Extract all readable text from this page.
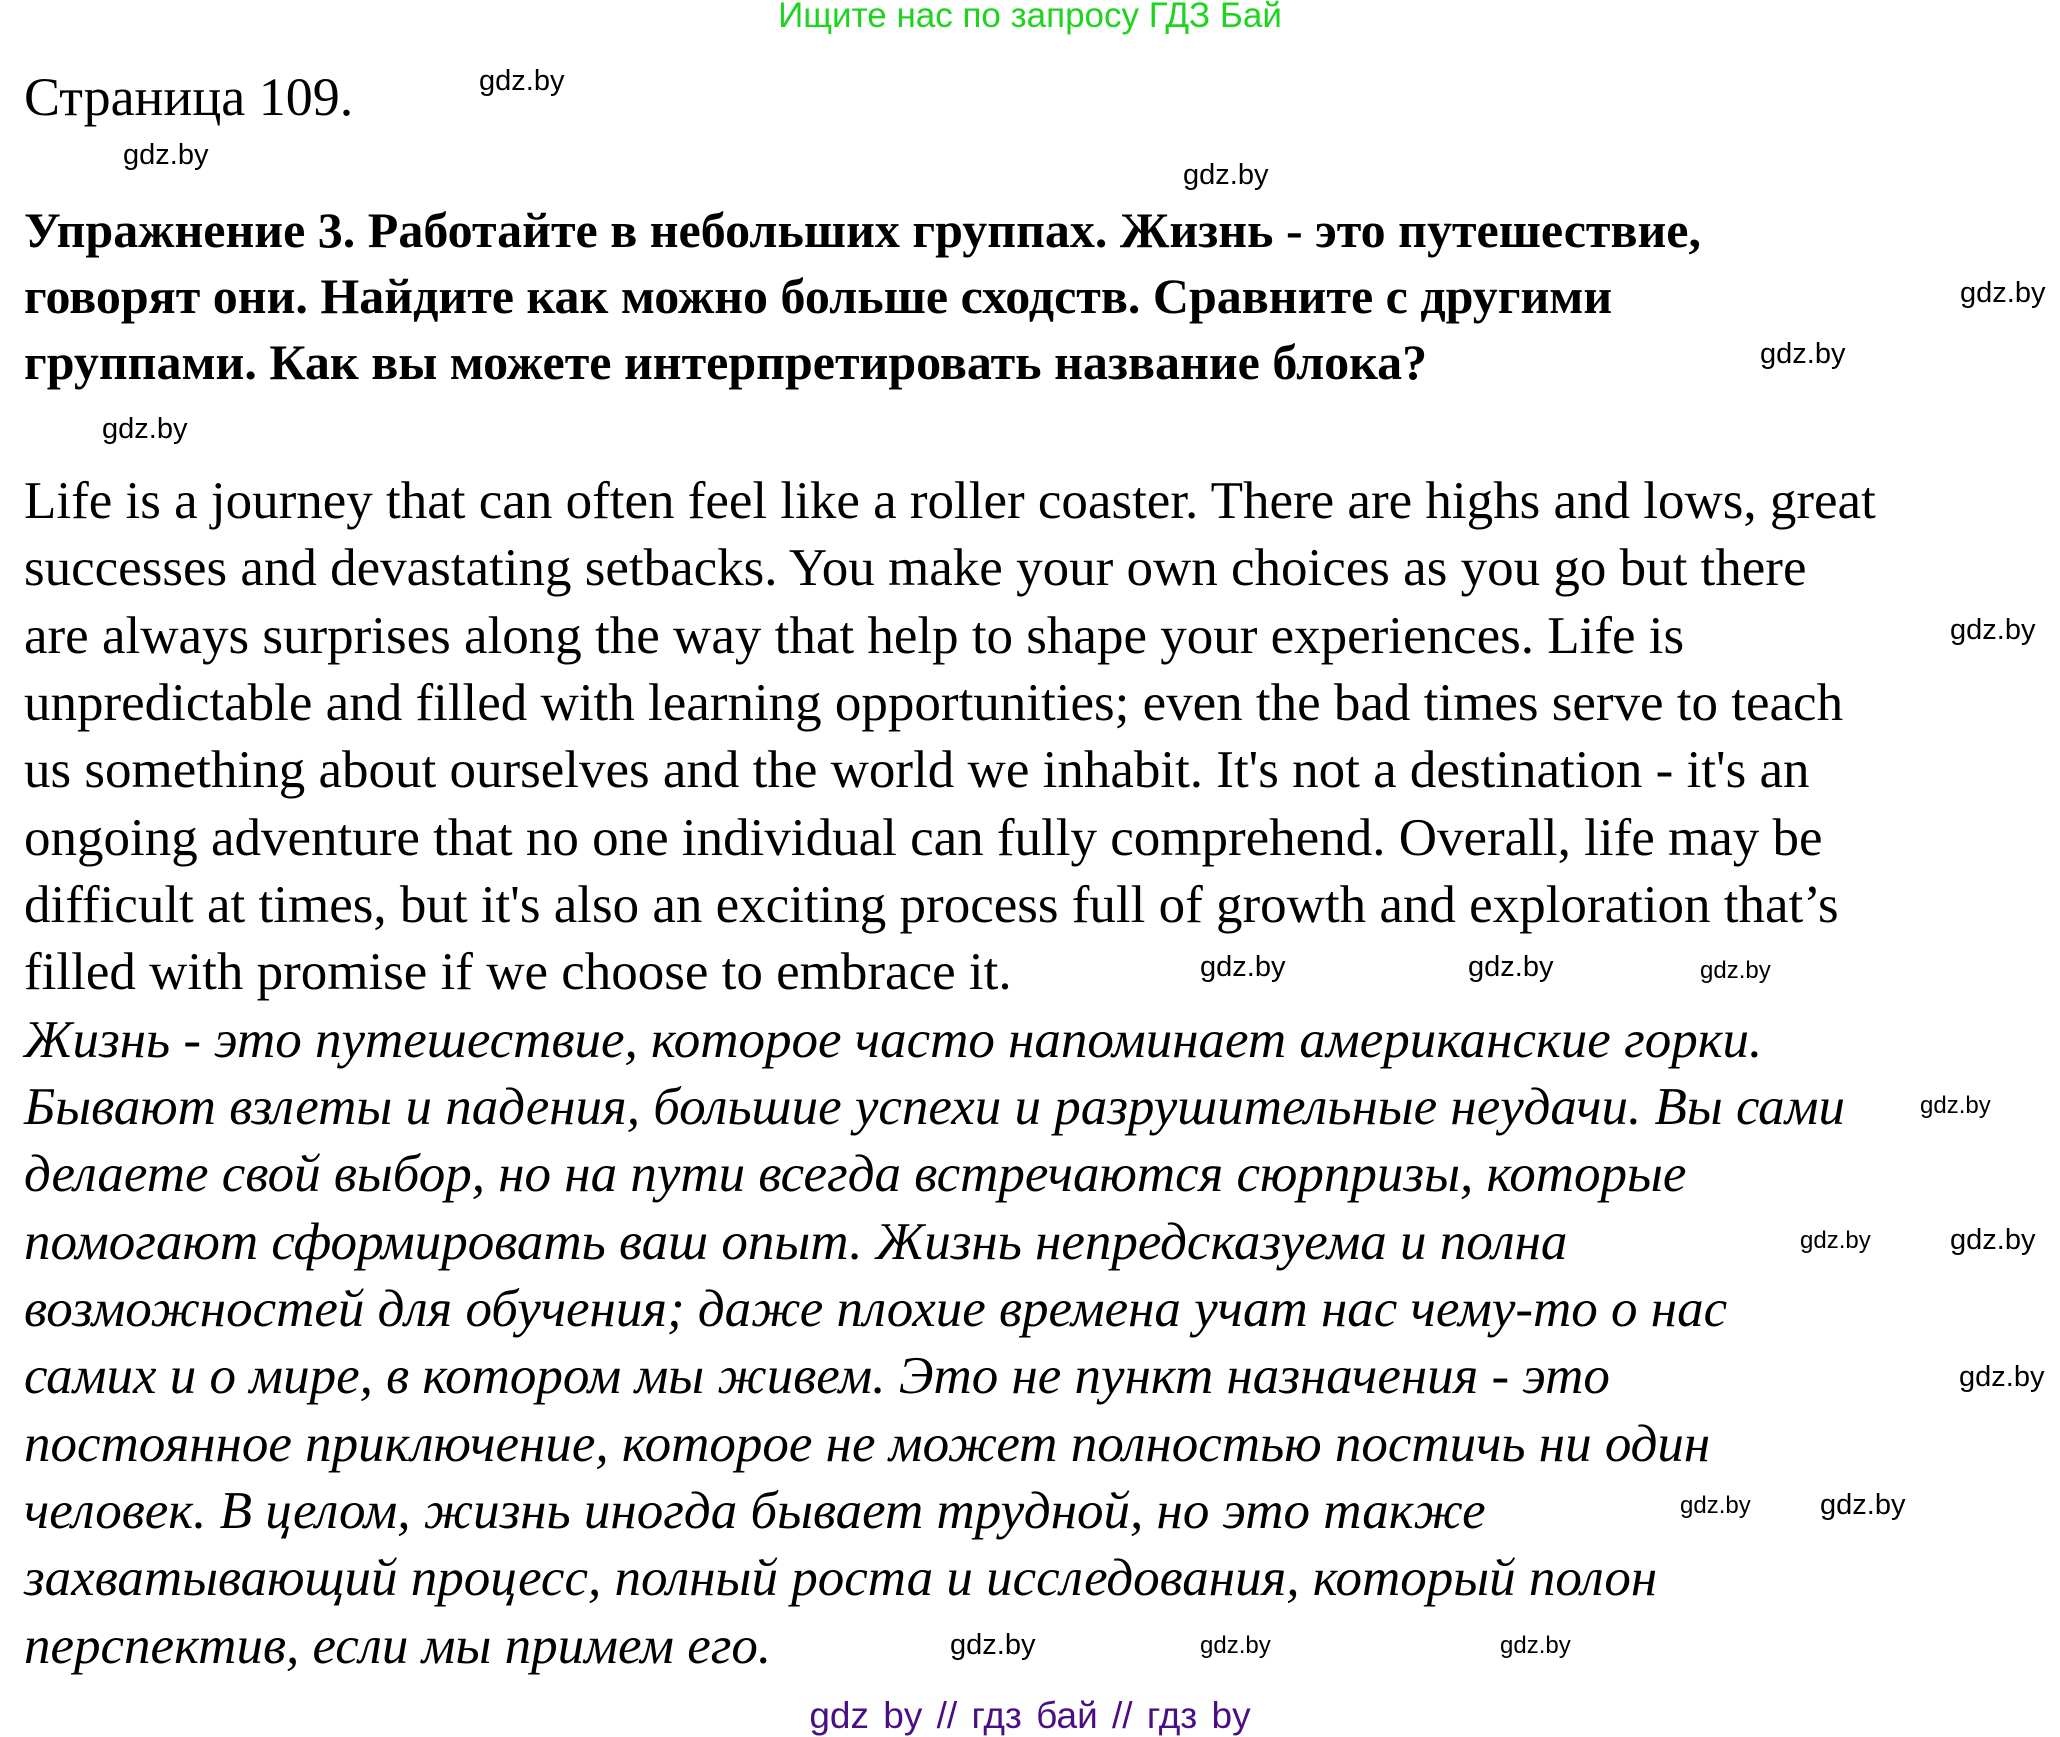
Ищите нас по запросу ГДЗ Бай
Страница 109.
Упражнение 3. Работайте в небольших группах. Жизнь - это путешествие,
говорят они. Найдите как можно больше сходств. Сравните с другими
группами. Как вы можете интерпретировать название блока?
Life is a journey that can often feel like a roller coaster. There are highs and lows, great
successes and devastating setbacks. You make your own choices as you go but there
are always surprises along the way that help to shape your experiences. Life is
unpredictable and filled with learning opportunities; even the bad times serve to teach
us something about ourselves and the world we inhabit. It's not a destination - it's an
ongoing adventure that no one individual can fully comprehend. Overall, life may be
difficult at times, but it's also an exciting process full of growth and exploration that’s
filled with promise if we choose to embrace it.
Жизнь - это путешествие, которое часто напоминает американские горки.
Бывают взлеты и падения, большие успехи и разрушительные неудачи. Вы сами
делаете свой выбор, но на пути всегда встречаются сюрпризы, которые
помогают сформировать ваш опыт. Жизнь непредсказуема и полна
возможностей для обучения; даже плохие времена учат нас чему-то о нас
самих и о мире, в котором мы живем. Это не пункт назначения - это
постоянное приключение, которое не может полностью постичь ни один
человек. В целом, жизнь иногда бывает трудной, но это также
захватывающий процесс, полный роста и исследования, который полон
перспектив, если мы примем его.
gdz.by
gdz.by
gdz.by
gdz.by
gdz.by
gdz.by
gdz.by
gdz.by
gdz.by	gdz.by
gdz.by	gdz.by
gdz.by	gdz.by
gdz.by
gdz.by
gdz.by
gdz.by
gdz.by
gdz by // гдз бай // гдз by
